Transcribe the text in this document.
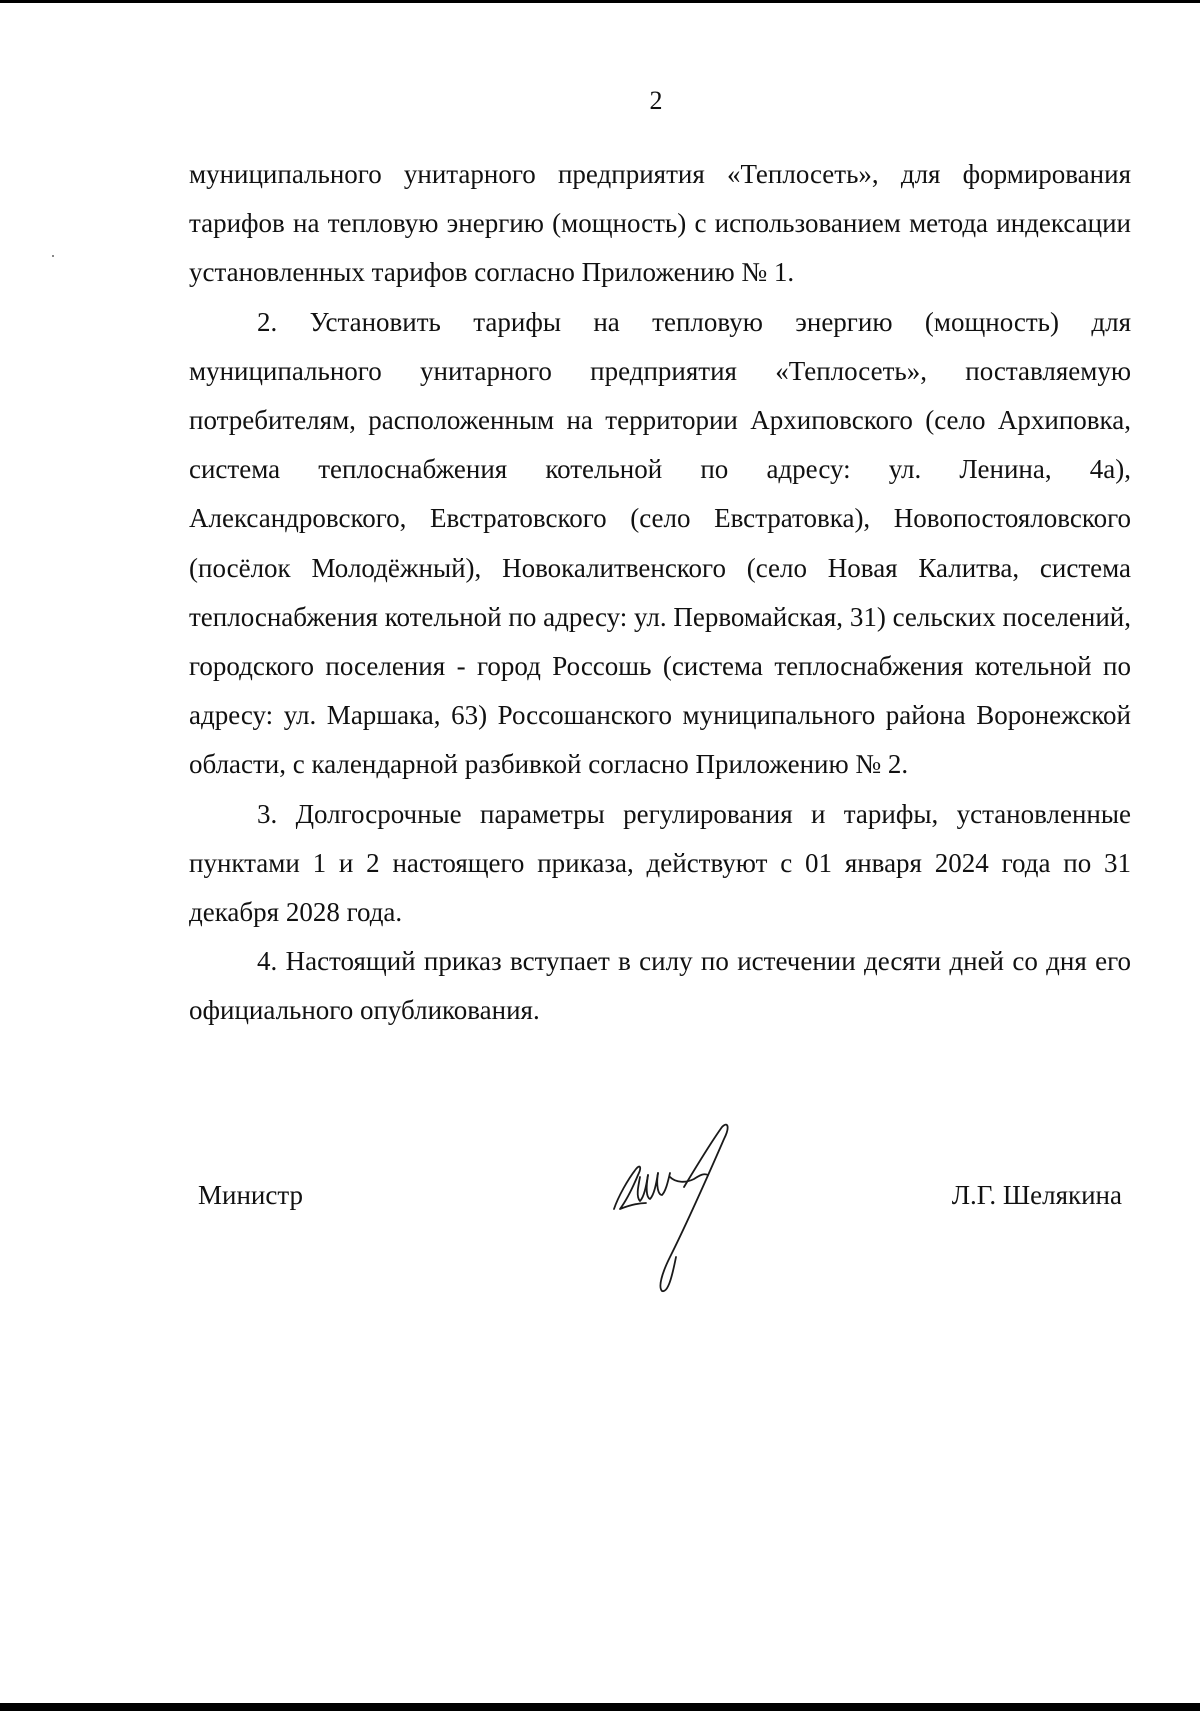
2

муниципального унитарного предприятия «Теплосеть», для формирования тарифов на тепловую энергию (мощность) с использованием метода индексации установленных тарифов согласно Приложению № 1.

2. Установить тарифы на тепловую энергию (мощность) для муниципального унитарного предприятия «Теплосеть», поставляемую потребителям, расположенным на территории Архиповского (село Архиповка, система теплоснабжения котельной по адресу: ул. Ленина, 4а), Александровского, Евстратовского (село Евстратовка), Новопостояловского (посёлок Молодёжный), Новокалитвенского (село Новая Калитва, система теплоснабжения котельной по адресу: ул. Первомайская, 31) сельских поселений, городского поселения - город Россошь (система теплоснабжения котельной по адресу: ул. Маршака, 63) Россошанского муниципального района Воронежской области, с календарной разбивкой согласно Приложению № 2.

3. Долгосрочные параметры регулирования и тарифы, установленные пунктами 1 и 2 настоящего приказа, действуют с 01 января 2024 года по 31 декабря 2028 года.

4. Настоящий приказ вступает в силу по истечении десяти дней со дня его официального опубликования.

Министр	Л.Г. Шелякина
